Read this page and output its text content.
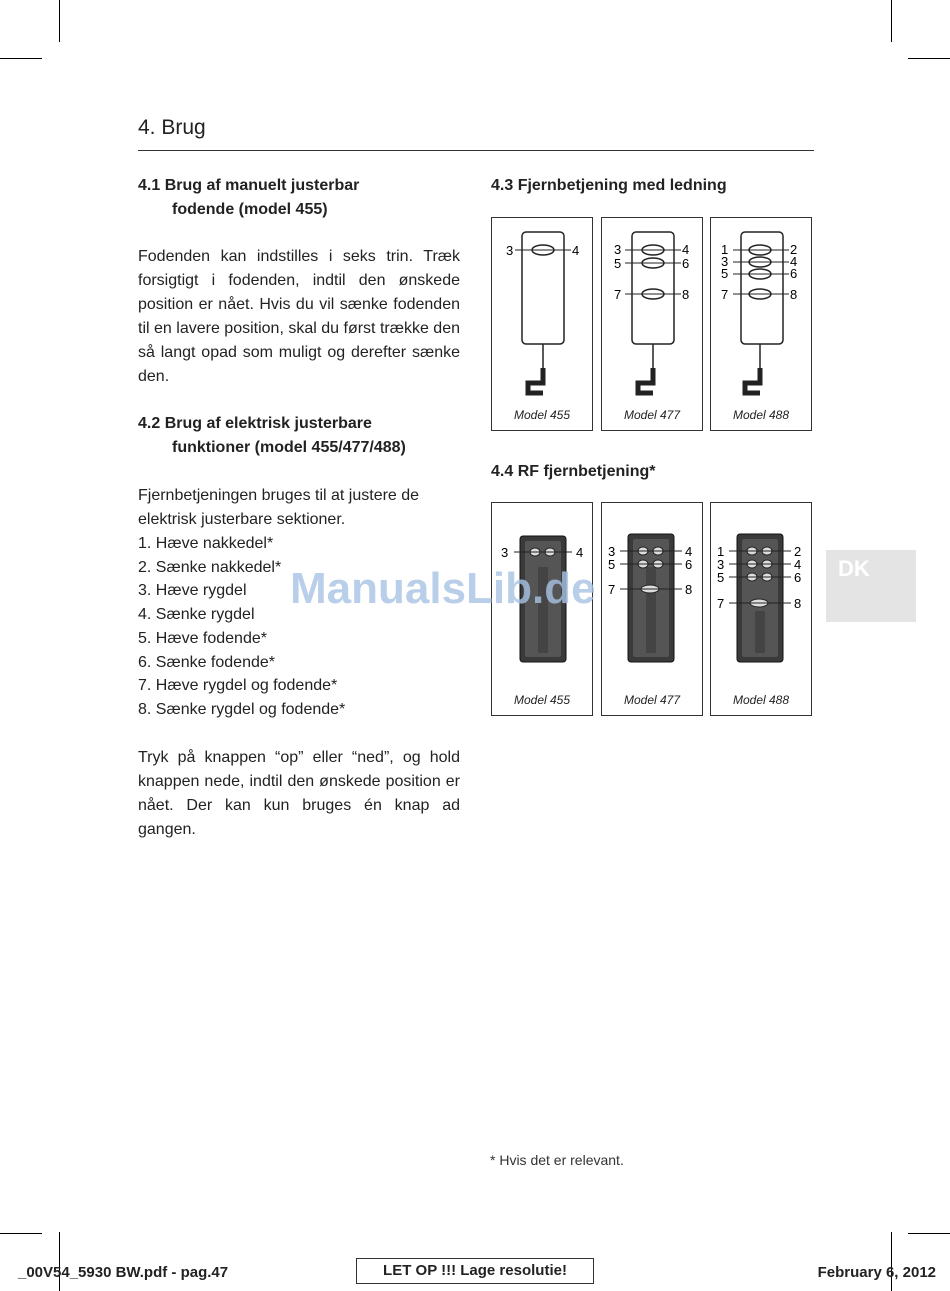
4. Brug
4.1 Brug af manuelt justerbar
fodende (model 455)
Fodenden kan indstilles i seks trin. Træk forsigtigt i fodenden, indtil den ønskede position er nået. Hvis du vil sænke fodenden til en lavere position, skal du først trække den så langt opad som muligt og derefter sænke den.
4.2 Brug af elektrisk justerbare
funktioner (model 455/477/488)
Fjernbetjeningen bruges til at justere de elektrisk justerbare sektioner.
1. Hæve nakkedel*
2. Sænke nakkedel*
3. Hæve rygdel
4. Sænke rygdel
5. Hæve fodende*
6. Sænke fodende*
7. Hæve rygdel og fodende*
8. Sænke rygdel og fodende*
Tryk på knappen “op” eller “ned”, og hold knappen nede, indtil den ønskede position er nået. Der kan kun bruges én knap ad gangen.
4.3 Fjernbetjening med ledning
3	4
Model 455
3	4
5	6
7	8
Model 477
1	2
3	4
5	6
7	8
Model 488
4.4 RF fjernbetjening*
3	4
Model 455
3	4
5	6
7	8
Model 477
1	2
3	4
5	6
7	8
Model 488
DK
ManualsLib.de
* Hvis det er relevant.
_00V54_5930 BW.pdf - pag.47	LET OP !!! Lage resolutie!	February 6, 2012
